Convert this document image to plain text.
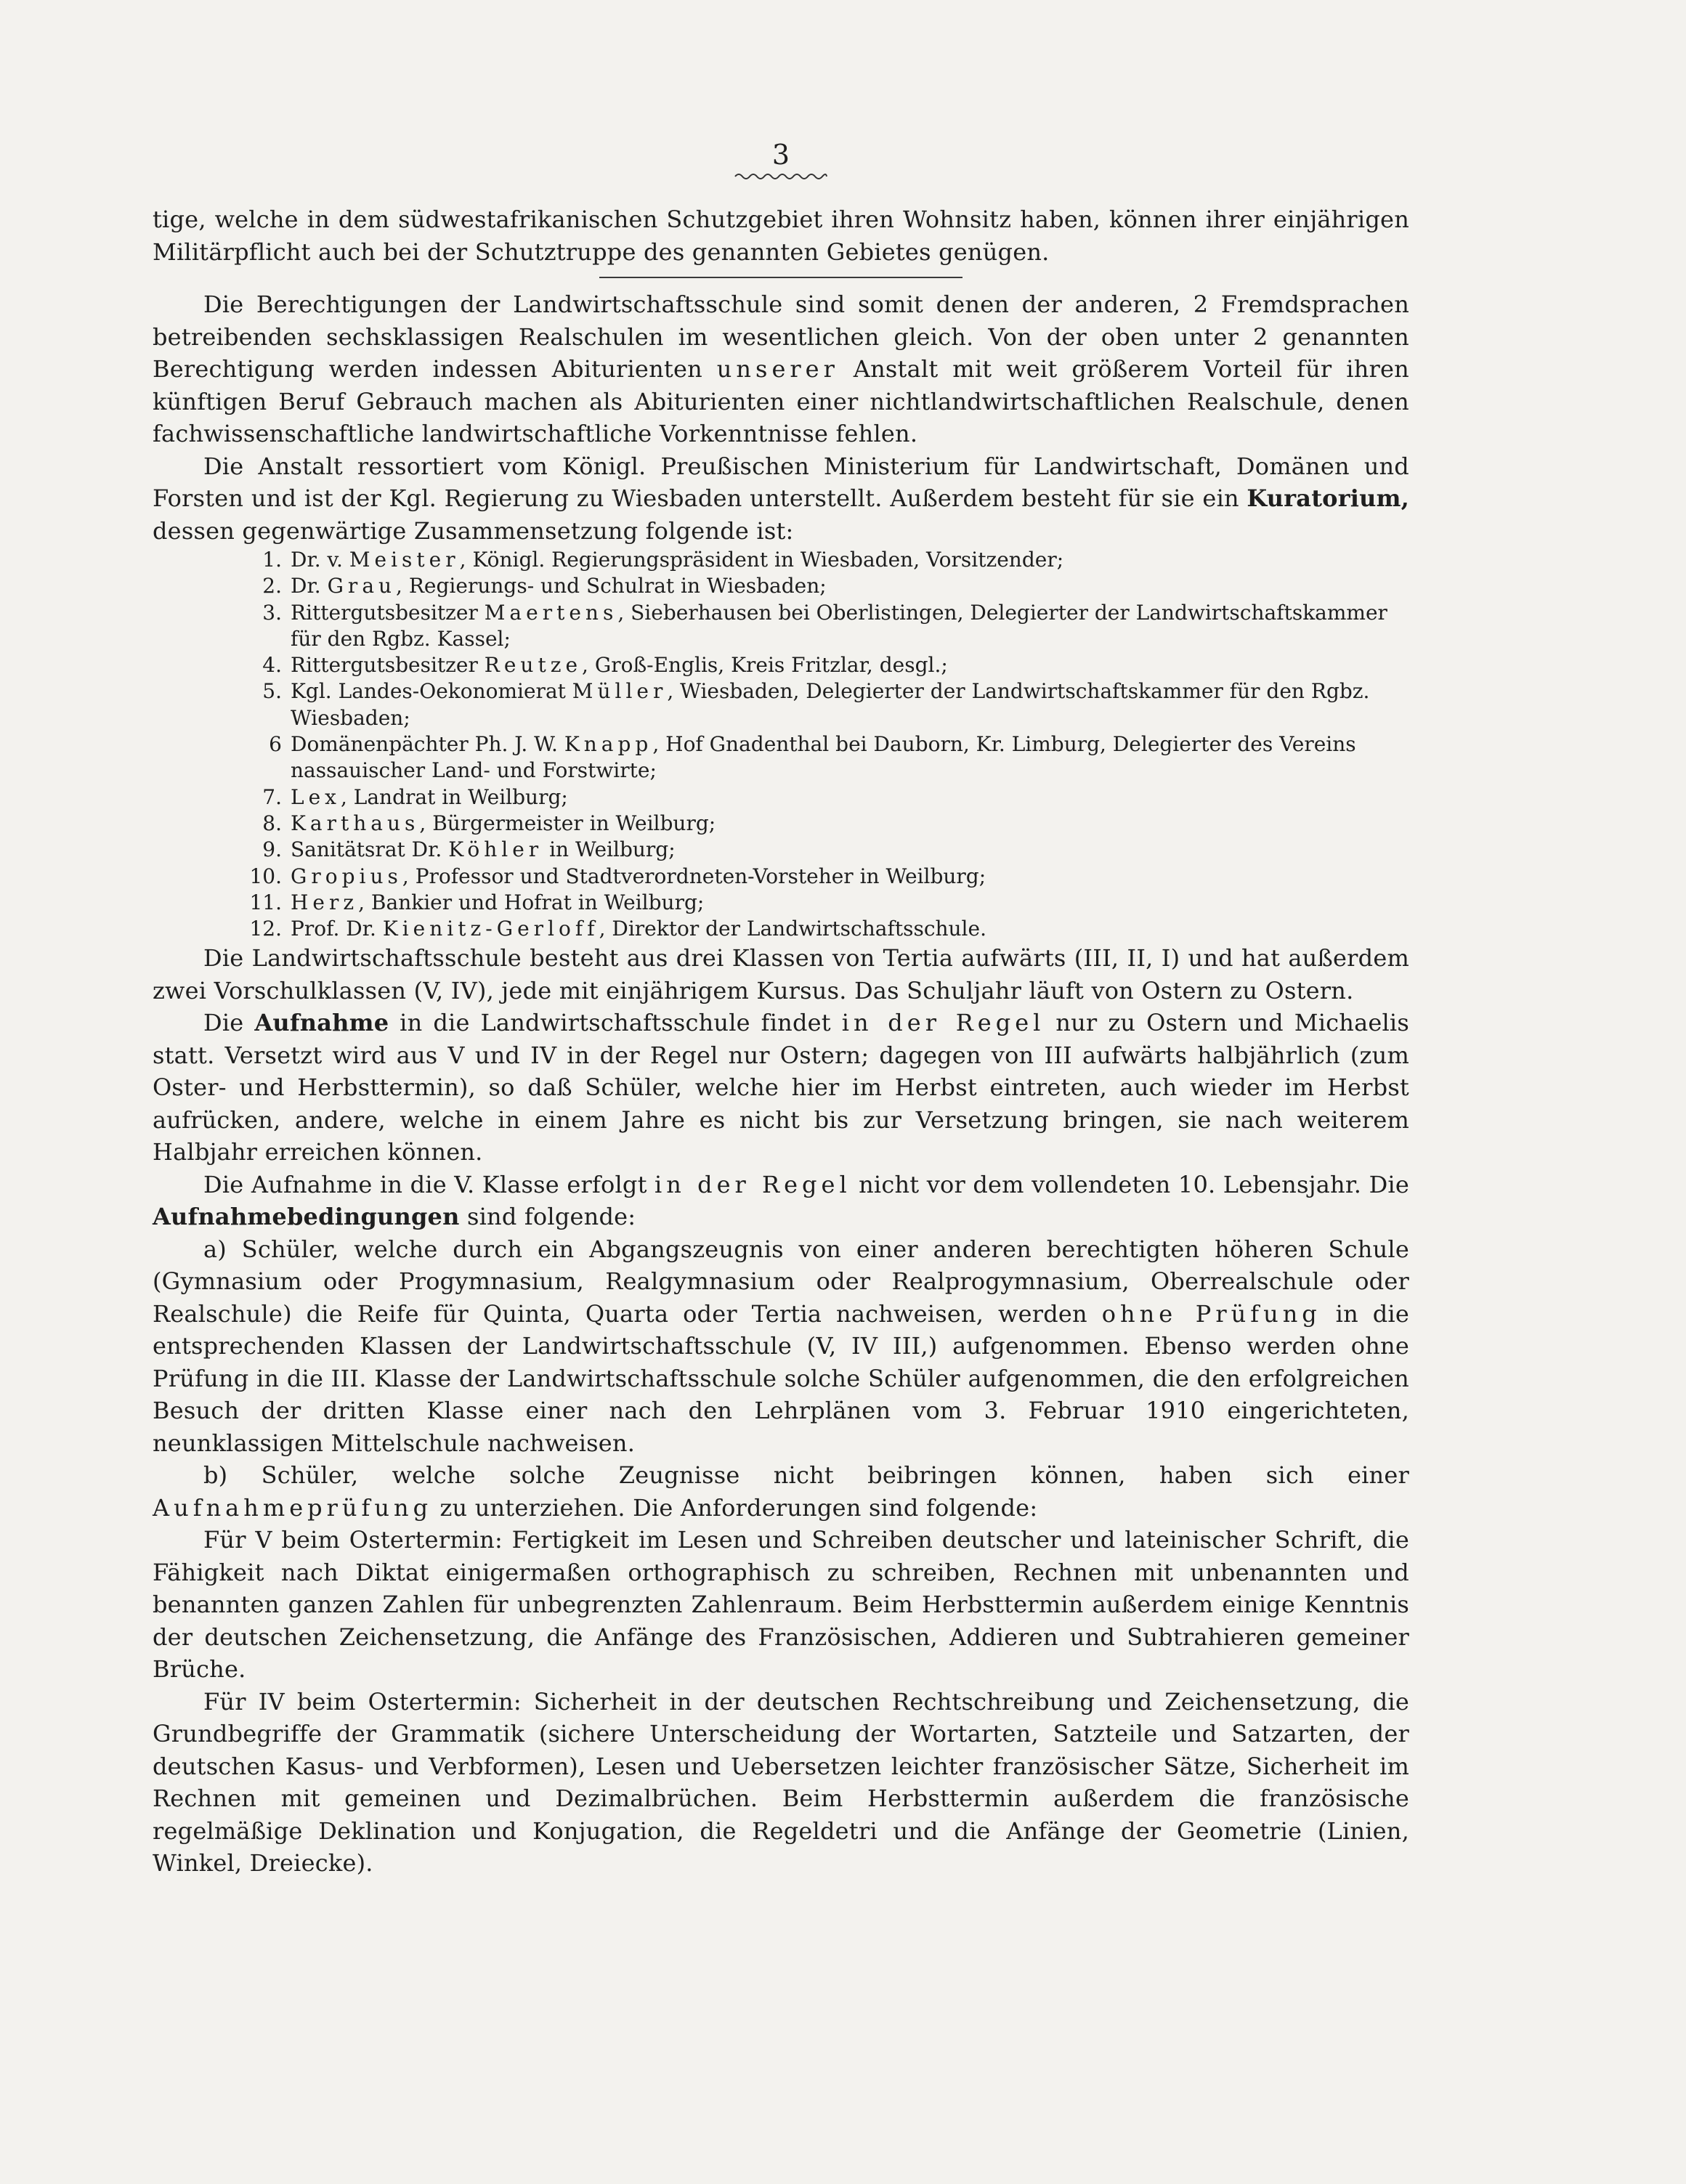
3

tige, welche in dem südwestafrikanischen Schutzgebiet ihren Wohnsitz haben, können ihrer einjährigen Militärpflicht auch bei der Schutztruppe des genannten Gebietes genügen.

Die Berechtigungen der Landwirtschaftsschule sind somit denen der anderen, 2 Fremdsprachen betreibenden sechsklassigen Realschulen im wesentlichen gleich. Von der oben unter 2 genannten Berechtigung werden indessen Abiturienten unserer Anstalt mit weit größerem Vorteil für ihren künftigen Beruf Gebrauch machen als Abiturienten einer nichtlandwirtschaftlichen Realschule, denen fachwissenschaftliche landwirtschaftliche Vorkenntnisse fehlen.

Die Anstalt ressortiert vom Königl. Preußischen Ministerium für Landwirtschaft, Domänen und Forsten und ist der Kgl. Regierung zu Wiesbaden unterstellt. Außerdem besteht für sie ein Kuratorium, dessen gegenwärtige Zusammensetzung folgende ist:

1. Dr. v. Meister, Königl. Regierungspräsident in Wiesbaden, Vorsitzender;
2. Dr. Grau, Regierungs- und Schulrat in Wiesbaden;
3. Rittergutsbesitzer Maertens, Sieberhausen bei Oberlistingen, Delegierter der Landwirtschaftskammer für den Rgbz. Kassel;
4. Rittergutsbesitzer Reutze, Groß-Englis, Kreis Fritzlar, desgl.;
5. Kgl. Landes-Oekonomierat Müller, Wiesbaden, Delegierter der Landwirtschaftskammer für den Rgbz. Wiesbaden;
6 Domänenpächter Ph. J. W. Knapp, Hof Gnadenthal bei Dauborn, Kr. Limburg, Delegierter des Vereins nassauischer Land- und Forstwirte;
7. Lex, Landrat in Weilburg;
8. Karthaus, Bürgermeister in Weilburg;
9. Sanitätsrat Dr. Köhler in Weilburg;
10. Gropius, Professor und Stadtverordneten-Vorsteher in Weilburg;
11. Herz, Bankier und Hofrat in Weilburg;
12. Prof. Dr. Kienitz-Gerloff, Direktor der Landwirtschaftsschule.

Die Landwirtschaftsschule besteht aus drei Klassen von Tertia aufwärts (III, II, I) und hat außerdem zwei Vorschulklassen (V, IV), jede mit einjährigem Kursus. Das Schuljahr läuft von Ostern zu Ostern.

Die Aufnahme in die Landwirtschaftsschule findet in der Regel nur zu Ostern und Michaelis statt. Versetzt wird aus V und IV in der Regel nur Ostern; dagegen von III aufwärts halbjährlich (zum Oster- und Herbsttermin), so daß Schüler, welche hier im Herbst eintreten, auch wieder im Herbst aufrücken, andere, welche in einem Jahre es nicht bis zur Versetzung bringen, sie nach weiterem Halbjahr erreichen können.

Die Aufnahme in die V. Klasse erfolgt in der Regel nicht vor dem vollendeten 10. Lebensjahr. Die Aufnahmebedingungen sind folgende:

a) Schüler, welche durch ein Abgangszeugnis von einer anderen berechtigten höheren Schule (Gymnasium oder Progymnasium, Realgymnasium oder Realprogymnasium, Oberrealschule oder Realschule) die Reife für Quinta, Quarta oder Tertia nachweisen, werden ohne Prüfung in die entsprechenden Klassen der Landwirtschaftsschule (V, IV III,) aufgenommen. Ebenso werden ohne Prüfung in die III. Klasse der Landwirtschaftsschule solche Schüler aufgenommen, die den erfolgreichen Besuch der dritten Klasse einer nach den Lehrplänen vom 3. Februar 1910 eingerichteten, neunklassigen Mittelschule nachweisen.

b) Schüler, welche solche Zeugnisse nicht beibringen können, haben sich einer Aufnahmeprüfung zu unterziehen. Die Anforderungen sind folgende:

Für V beim Ostertermin: Fertigkeit im Lesen und Schreiben deutscher und lateinischer Schrift, die Fähigkeit nach Diktat einigermaßen orthographisch zu schreiben, Rechnen mit unbenannten und benannten ganzen Zahlen für unbegrenzten Zahlenraum. Beim Herbsttermin außerdem einige Kenntnis der deutschen Zeichensetzung, die Anfänge des Französischen, Addieren und Subtrahieren gemeiner Brüche.

Für IV beim Ostertermin: Sicherheit in der deutschen Rechtschreibung und Zeichensetzung, die Grundbegriffe der Grammatik (sichere Unterscheidung der Wortarten, Satzteile und Satzarten, der deutschen Kasus- und Verbformen), Lesen und Uebersetzen leichter französischer Sätze, Sicherheit im Rechnen mit gemeinen und Dezimalbrüchen. Beim Herbsttermin außerdem die französische regelmäßige Deklination und Konjugation, die Regeldetri und die Anfänge der Geometrie (Linien, Winkel, Dreiecke).
